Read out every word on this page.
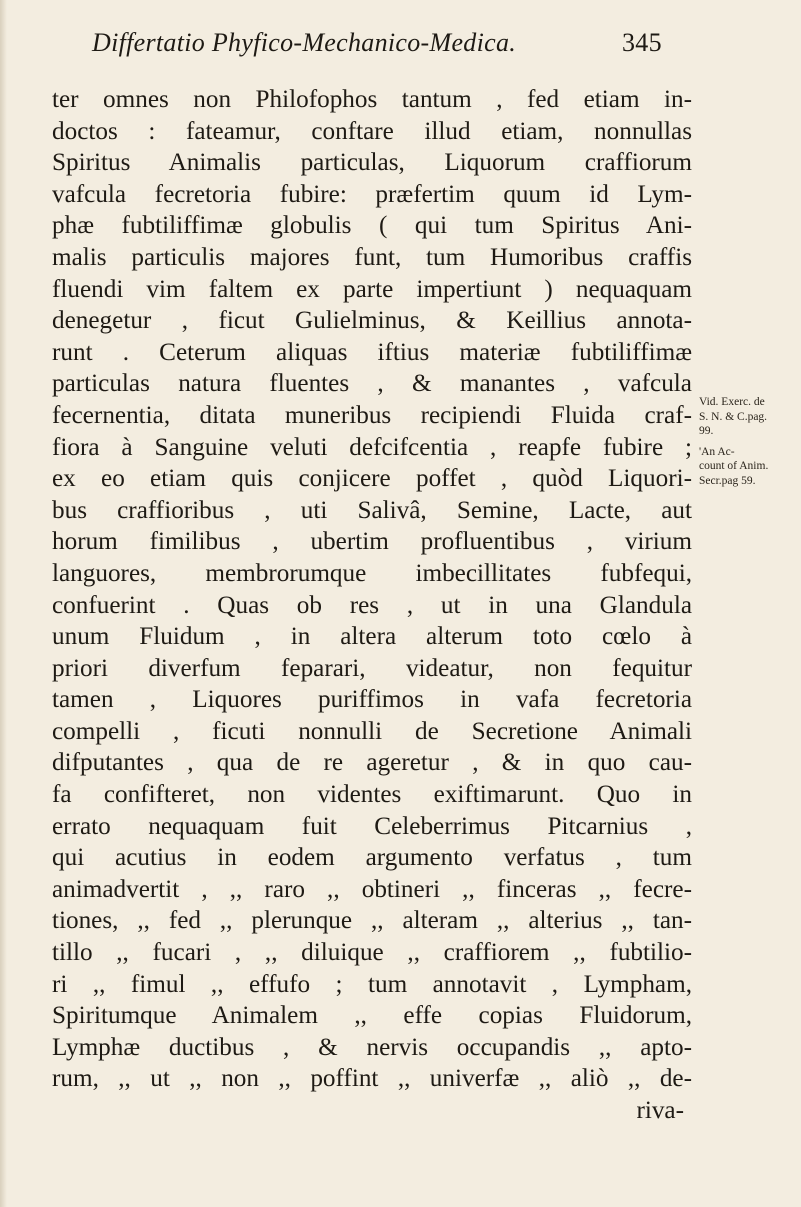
Differtatio Phyfico-Mechanico-Medica.	345
ter omnes non Philofophos tantum , fed etiam in-
doctos : fateamur, conftare illud etiam, nonnullas
Spiritus Animalis particulas, Liquorum craffiorum
vafcula fecretoria fubire: præfertim quum id Lym-
phæ fubtiliffimæ globulis ( qui tum Spiritus Ani-
malis particulis majores funt, tum Humoribus craffis
fluendi vim faltem ex parte impertiunt ) nequaquam
denegetur , ficut Gulielminus, & Keillius annota-
runt . Ceterum aliquas iftius materiæ fubtiliffimæ
particulas natura fluentes , & manantes , vafcula
fecernentia, ditata muneribus recipiendi Fluida craf-
fiora à Sanguine veluti defcifcentia , reapfe fubire ;
ex eo etiam quis conjicere poffet , quòd Liquori-
bus craffioribus , uti Salivâ, Semine, Lacte, aut
horum fimilibus , ubertim profluentibus , virium
languores, membrorumque imbecillitates fubfequi,
confuerint . Quas ob res , ut in una Glandula
unum Fluidum , in altera alterum toto cœlo à
priori diverfum feparari, videatur, non fequitur
tamen , Liquores puriffimos in vafa fecretoria
compelli , ficuti nonnulli de Secretione Animali
difputantes , qua de re ageretur , & in quo cau-
fa confifteret, non videntes exiftimarunt. Quo in
errato nequaquam fuit Celeberrimus Pitcarnius ,
qui acutius in eodem argumento verfatus , tum
animadvertit , ,, raro ,, obtineri ,, finceras ,, fecre-
tiones, ,, fed ,, plerunque ,, alteram ,, alterius ,, tan-
tillo ,, fucari , ,, diluique ,, craffiorem ,, fubtilio-
ri ,, fimul ,, effufo ; tum annotavit , Lympham,
Spiritumque Animalem ,, effe copias Fluidorum,
Lymphæ ductibus , & nervis occupandis ,, apto-
rum, ,, ut ,, non ,, poffint ,, univerfæ ,, aliò ,, de-
riva-
Vid. Exerc. de
S. N. & C.pag.
99.
'An Ac-
count of Anim.
Secr.pag 59.
